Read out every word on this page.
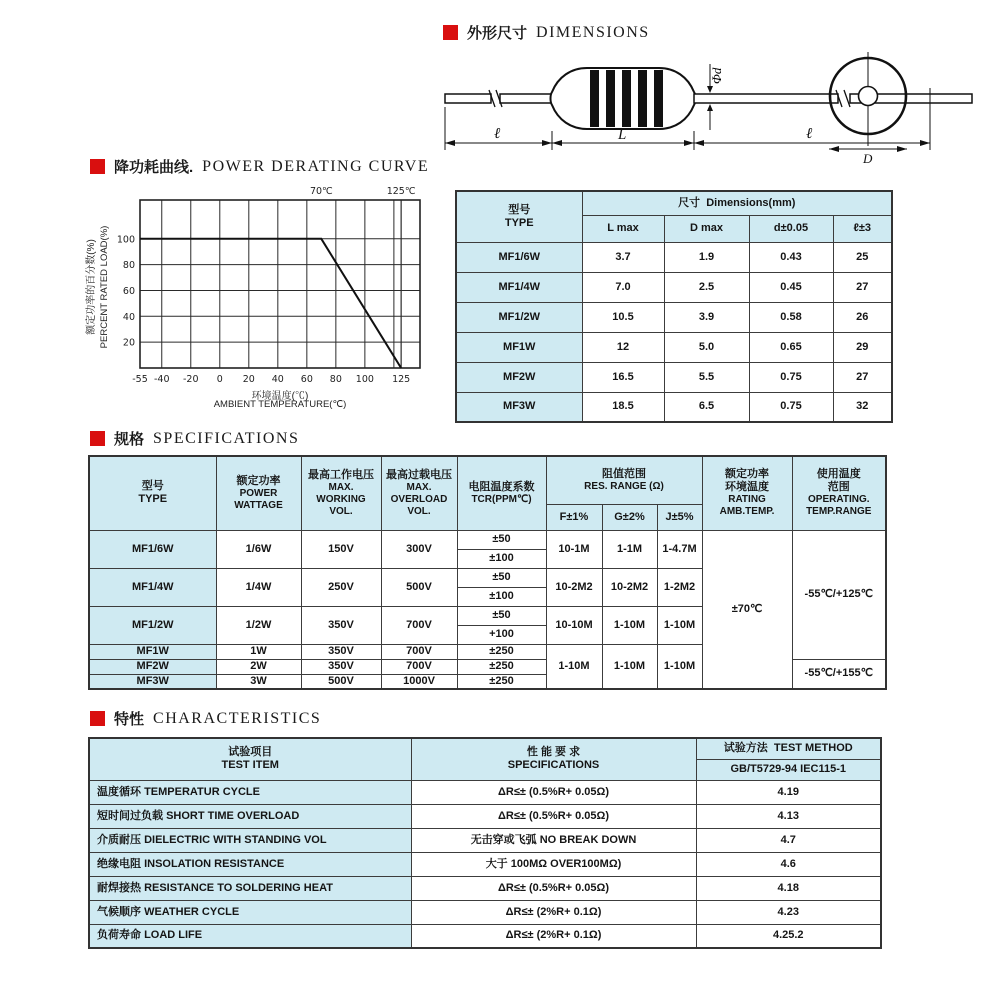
外形尺寸 DIMENSIONS
Φd
ℓ	L	ℓ
D
降功耗曲线. POWER DERATING CURVE
额定功率的百分数(%) PERCENT RATED LOAD(%) 20
40
60
80
100
-55 -40 -20 0 20 40 60 80 100 125
70℃	125℃
环境温度(℃)
AMBIENT TEMPERATURE(℃)
型号
TYPE	尺寸 Dimensions(mm)			
	L max	D max	d±0.05	ℓ±3
MF1/6W	3.7	1.9	0.43	25
MF1/4W	7.0	2.5	0.45	27
MF1/2W	10.5	3.9	0.58	26
MF1W	12	5.0	0.65	29
MF2W	16.5	5.5	0.75	27
MF3W	18.5	6.5	0.75	32
规格 SPECIFICATIONS
型号
TYPE

额定功率
POWER WATTAGE

最高工作电压
MAX. WORKING VOL.

最高过载电压
MAX. OVERLOAD VOL.

电阻温度系数
TCR(PPM℃)

阻值范围
RES. RANGE (Ω)

额定功率
环境温度
RATING AMB.TEMP.

使用温度
范围
OPERATING. TEMP.RANGE

					F±1%	G±2%	J±5%		
MF1/6W	1/6W	150V	300V	±50	10-1M	1-1M	1-4.7M	±70℃	-55℃/+125℃
				±100					
MF1/4W	1/4W	250V	500V	±50	10-2M2	10-2M2	1-2M2		
				±100					
MF1/2W	1/2W	350V	700V	±50	10-10M	1-10M	1-10M		
				+100					
MF1W	1W	350V	700V	±250	1-10M	1-10M	1-10M		
MF2W	2W	350V	700V	±250					-55℃/+155℃
MF3W	3W	500V	1000V	±250					
特性 CHARACTERISTICS
试验项目
TEST ITEM

性 能 要 求
SPECIFICATIONS
	试验方法 TEST METHOD
		GB/T5729-94 IEC115-1
温度循环 TEMPERATUR CYCLE	ΔR≤± (0.5%R+ 0.05Ω)	4.19
短时间过负载 SHORT TIME OVERLOAD	ΔR≤± (0.5%R+ 0.05Ω)	4.13
介质耐压 DIELECTRIC WITH STANDING VOL	无击穿或飞弧 NO BREAK DOWN	4.7
绝缘电阻 INSOLATION RESISTANCE	大于 100MΩ OVER100MΩ)	4.6
耐焊接热 RESISTANCE TO SOLDERING HEAT	ΔR≤± (0.5%R+ 0.05Ω)	4.18
气候顺序 WEATHER CYCLE	ΔR≤± (2%R+ 0.1Ω)	4.23
负荷寿命 LOAD LIFE	ΔR≤± (2%R+ 0.1Ω)	4.25.2
